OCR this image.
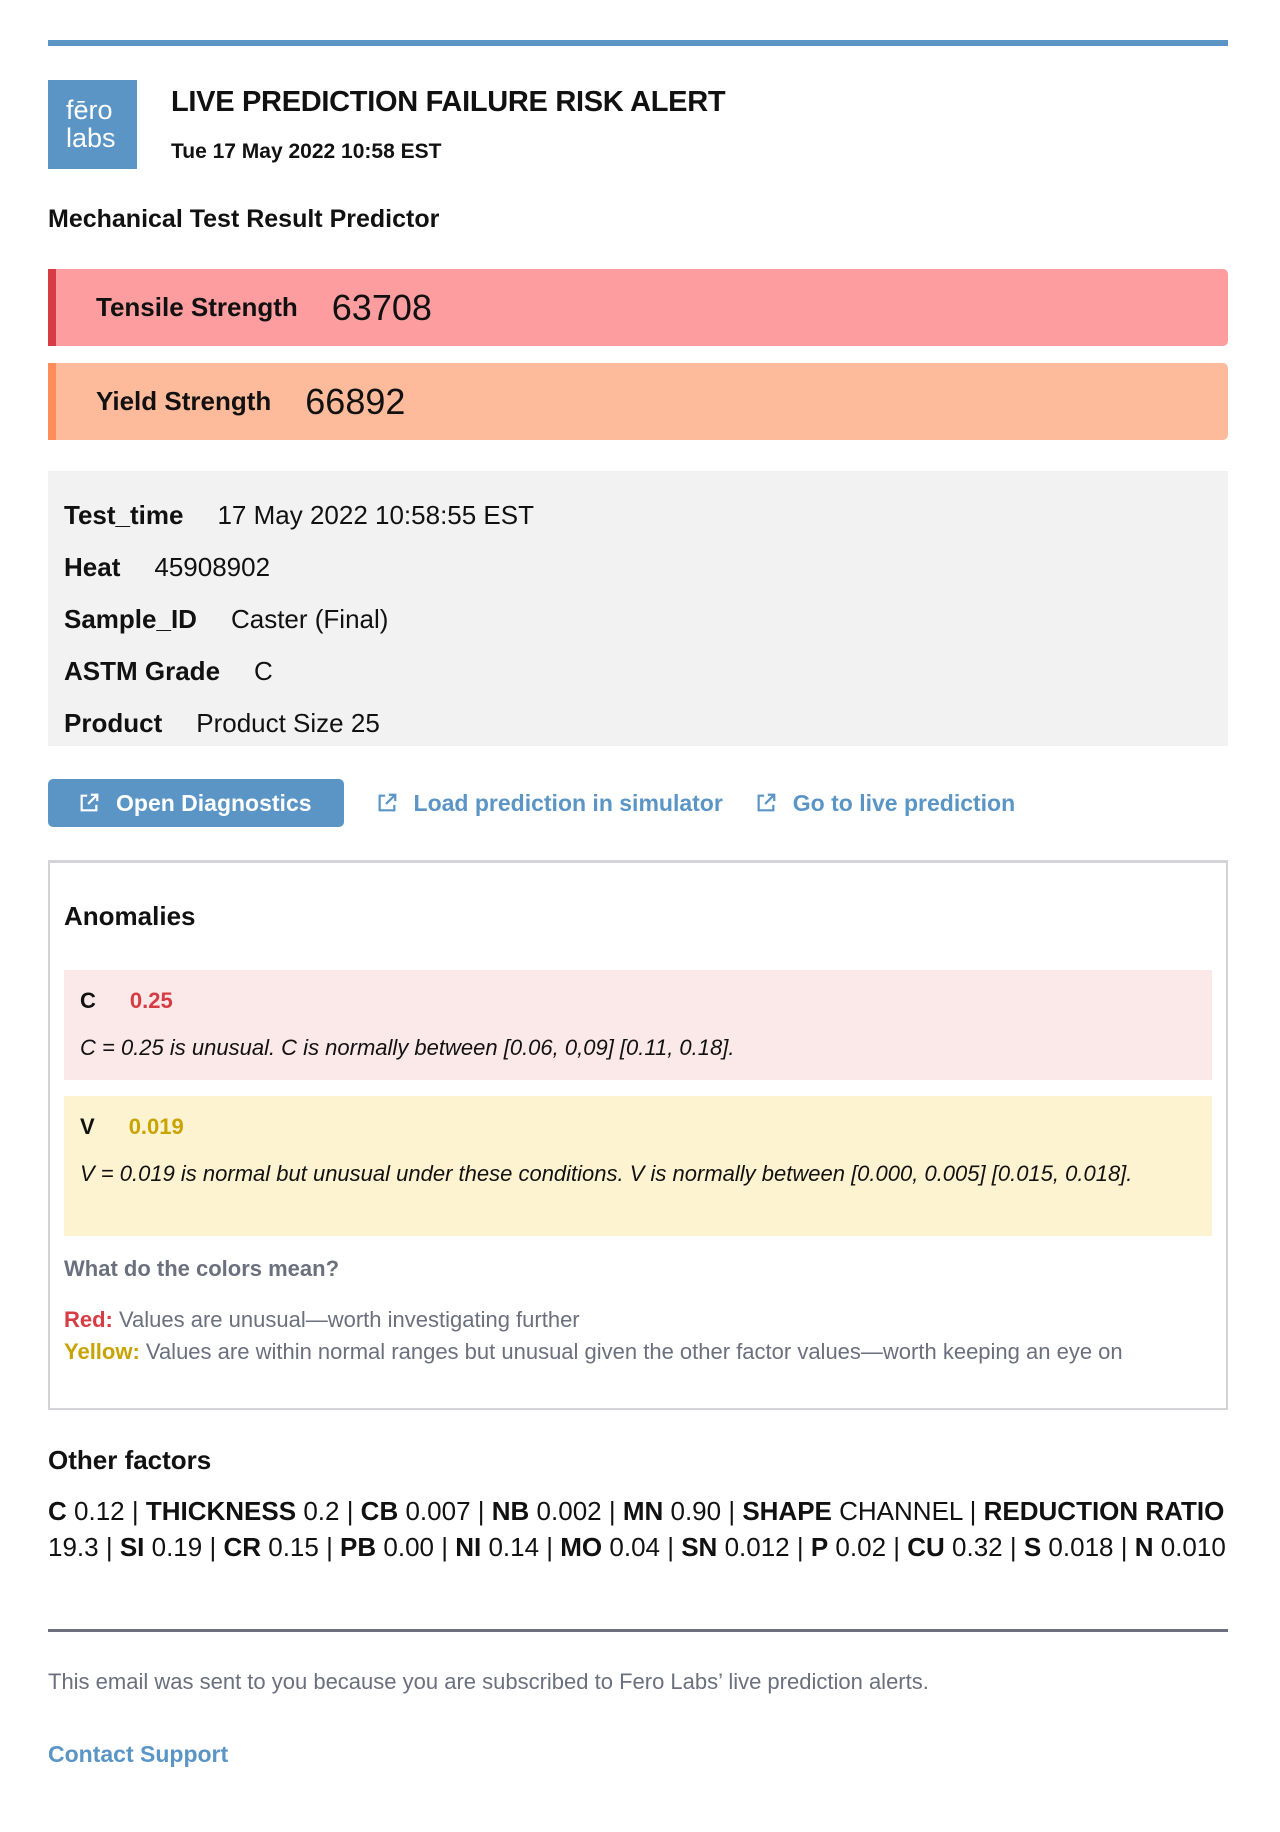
fēro
labs
LIVE PREDICTION FAILURE RISK ALERT
Tue 17 May 2022 10:58 EST
Mechanical Test Result Predictor
Tensile Strength 63708
Yield Strength 66892
Test_time 17 May 2022 10:58:55 EST
Heat 45908902
Sample_ID Caster (Final)
ASTM Grade C
Product Product Size 25
Open Diagnostics	Load prediction in simulator	Go to live prediction
Anomalies
C 0.25
C = 0.25 is unusual. C is normally between [0.06, 0,09] [0.11, 0.18].
V 0.019
V = 0.019 is normal but unusual under these conditions. V is normally between [0.000, 0.005] [0.015, 0.018].
What do the colors mean?

Red: Values are unusual—worth investigating further

Yellow: Values are within normal ranges but unusual given the other factor values—worth keeping an eye on

Other factors
C 0.12 | THICKNESS 0.2 | CB 0.007 | NB 0.002 | MN 0.90 | SHAPE CHANNEL | REDUCTION RATIO 19.3 | SI 0.19 | CR 0.15 | PB 0.00 | NI 0.14 | MO 0.04 | SN 0.012 | P 0.02 | CU 0.32 | S 0.018 | N 0.010
This email was sent to you because you are subscribed to Fero Labs’ live prediction alerts.
Contact Support
